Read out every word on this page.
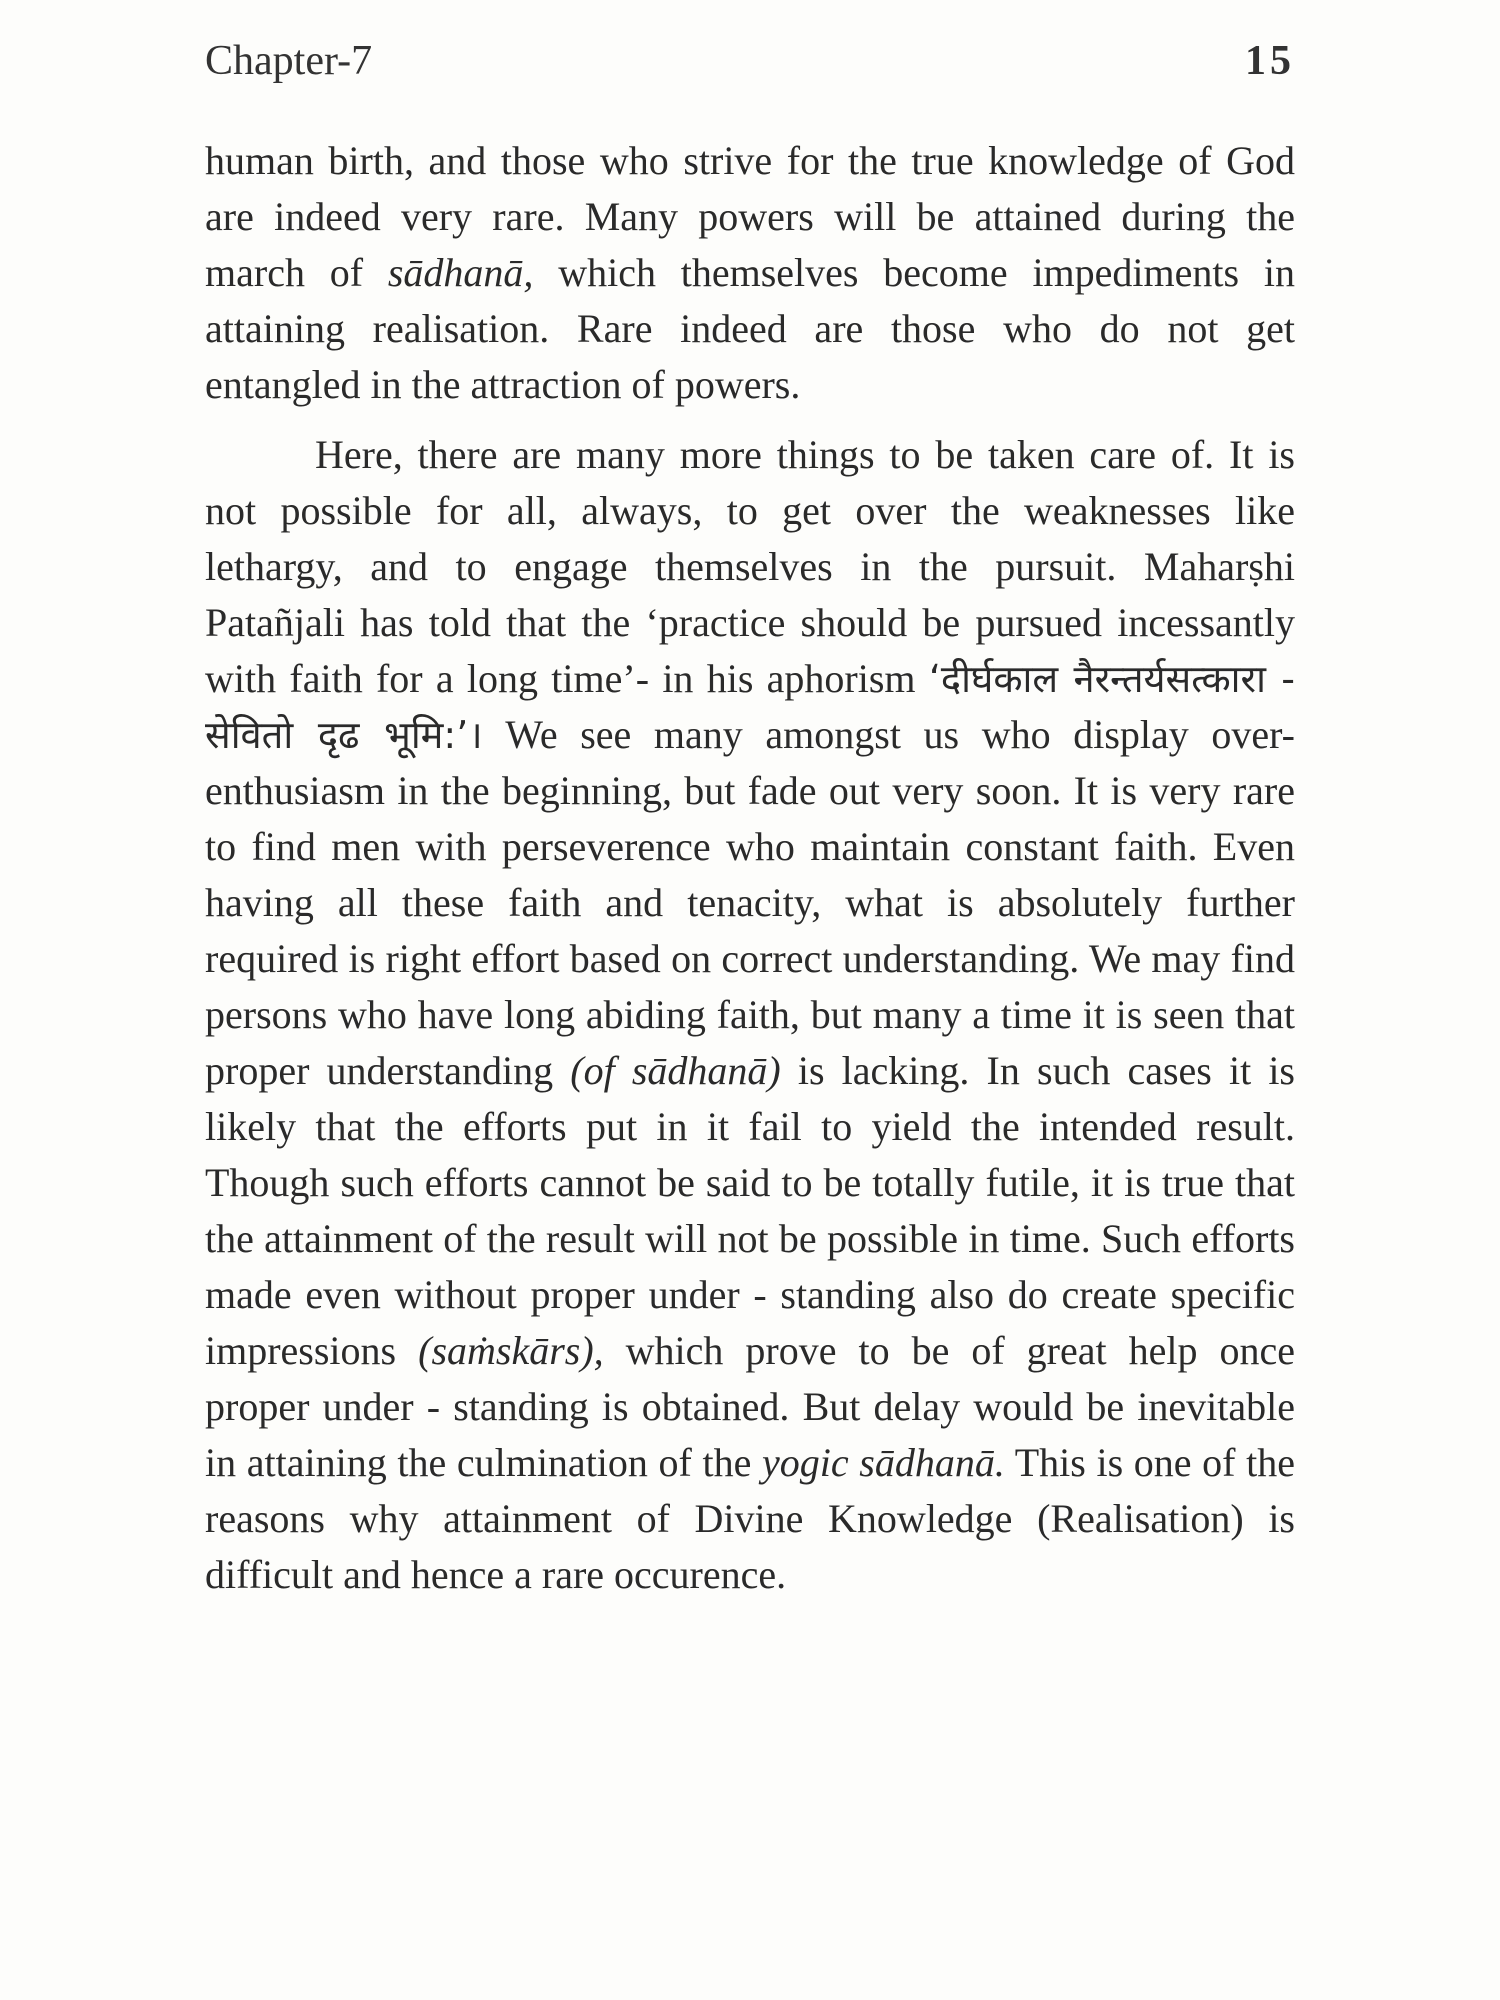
Chapter-7	15

human birth, and those who strive for the true knowledge of God are indeed very rare. Many powers will be attained during the march of sādhanā, which themselves become impediments in attaining realisation. Rare indeed are those who do not get entangled in the attraction of powers.

Here, there are many more things to be taken care of. It is not possible for all, always, to get over the weaknesses like lethargy, and to engage themselves in the pursuit. Maharṣhi Patañjali has told that the ‘practice should be pursued incessantly with faith for a long time’- in his aphorism ‘दीर्घकाल नैरन्तर्यसत्कारा - सेवितो दृढ भूमि:’। We see many amongst us who display over-enthusiasm in the beginning, but fade out very soon. It is very rare to find men with perseverence who maintain constant faith. Even having all these faith and tenacity, what is absolutely further required is right effort based on correct understanding. We may find persons who have long abiding faith, but many a time it is seen that proper understanding (of sādhanā) is lacking. In such cases it is likely that the efforts put in it fail to yield the intended result. Though such efforts cannot be said to be totally futile, it is true that the attainment of the result will not be possible in time. Such efforts made even without proper under - standing also do create specific impressions (saṁskārs), which prove to be of great help once proper under - standing is obtained. But delay would be inevitable in attaining the culmination of the yogic sādhanā. This is one of the reasons why attainment of Divine Knowledge (Realisation) is difficult and hence a rare occurence.
